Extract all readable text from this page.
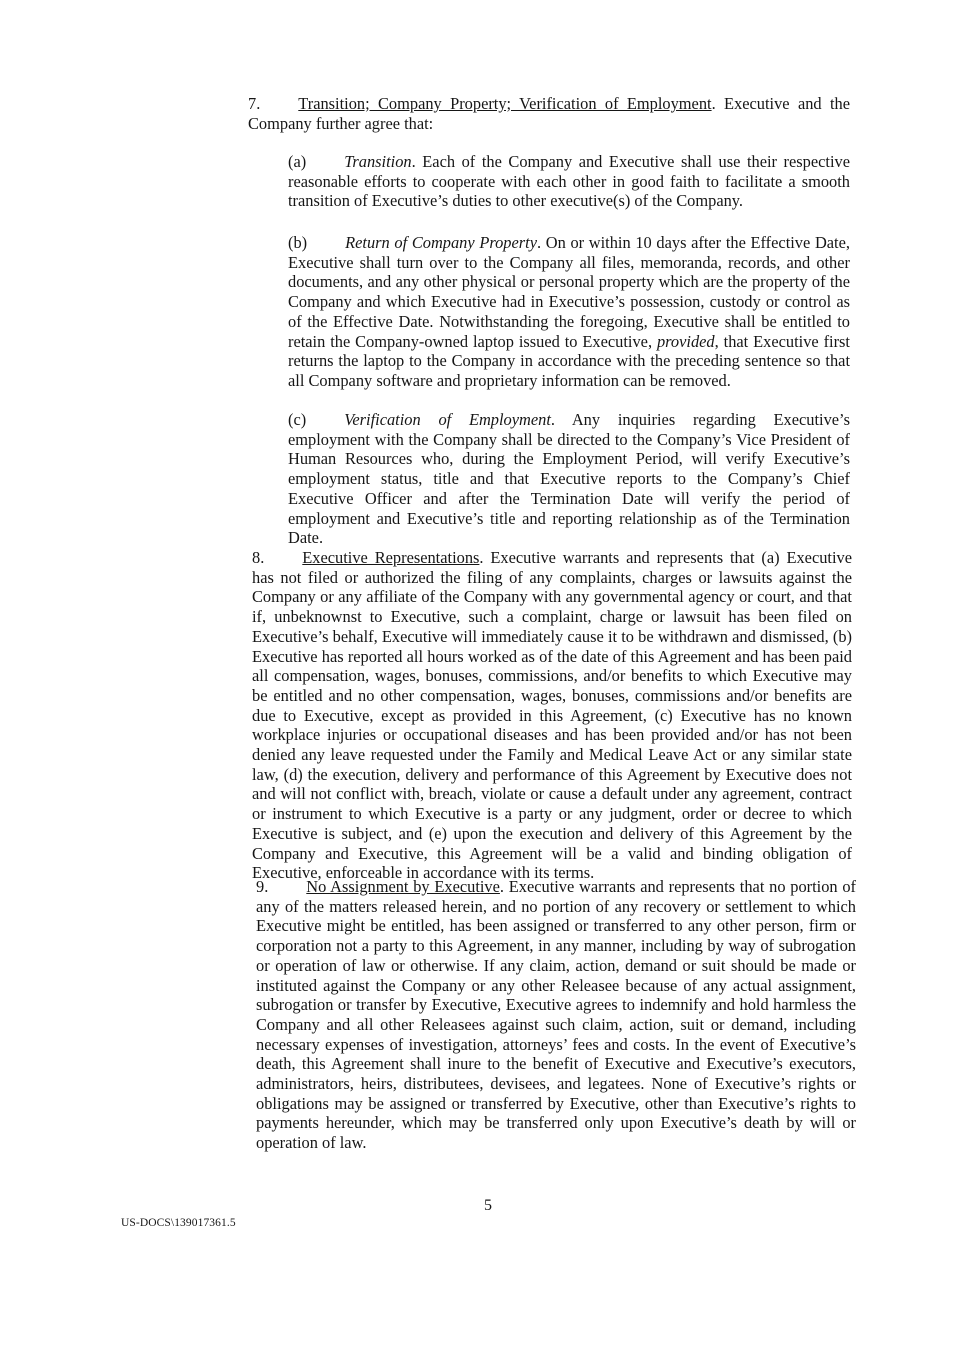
7. Transition; Company Property; Verification of Employment. Executive and the Company further agree that:
(a) Transition. Each of the Company and Executive shall use their respective reasonable efforts to cooperate with each other in good faith to facilitate a smooth transition of Executive’s duties to other executive(s) of the Company.
(b) Return of Company Property. On or within 10 days after the Effective Date, Executive shall turn over to the Company all files, memoranda, records, and other documents, and any other physical or personal property which are the property of the Company and which Executive had in Executive’s possession, custody or control as of the Effective Date. Notwithstanding the foregoing, Executive shall be entitled to retain the Company-owned laptop issued to Executive, provided, that Executive first returns the laptop to the Company in accordance with the preceding sentence so that all Company software and proprietary information can be removed.
(c) Verification of Employment. Any inquiries regarding Executive’s employment with the Company shall be directed to the Company’s Vice President of Human Resources who, during the Employment Period, will verify Executive’s employment status, title and that Executive reports to the Company’s Chief Executive Officer and after the Termination Date will verify the period of employment and Executive’s title and reporting relationship as of the Termination Date.
8. Executive Representations. Executive warrants and represents that (a) Executive has not filed or authorized the filing of any complaints, charges or lawsuits against the Company or any affiliate of the Company with any governmental agency or court, and that if, unbeknownst to Executive, such a complaint, charge or lawsuit has been filed on Executive’s behalf, Executive will immediately cause it to be withdrawn and dismissed, (b) Executive has reported all hours worked as of the date of this Agreement and has been paid all compensation, wages, bonuses, commissions, and/or benefits to which Executive may be entitled and no other compensation, wages, bonuses, commissions and/or benefits are due to Executive, except as provided in this Agreement, (c) Executive has no known workplace injuries or occupational diseases and has been provided and/or has not been denied any leave requested under the Family and Medical Leave Act or any similar state law, (d) the execution, delivery and performance of this Agreement by Executive does not and will not conflict with, breach, violate or cause a default under any agreement, contract or instrument to which Executive is a party or any judgment, order or decree to which Executive is subject, and (e) upon the execution and delivery of this Agreement by the Company and Executive, this Agreement will be a valid and binding obligation of Executive, enforceable in accordance with its terms.
9. No Assignment by Executive. Executive warrants and represents that no portion of any of the matters released herein, and no portion of any recovery or settlement to which Executive might be entitled, has been assigned or transferred to any other person, firm or corporation not a party to this Agreement, in any manner, including by way of subrogation or operation of law or otherwise. If any claim, action, demand or suit should be made or instituted against the Company or any other Releasee because of any actual assignment, subrogation or transfer by Executive, Executive agrees to indemnify and hold harmless the Company and all other Releasees against such claim, action, suit or demand, including necessary expenses of investigation, attorneys’ fees and costs. In the event of Executive’s death, this Agreement shall inure to the benefit of Executive and Executive’s executors, administrators, heirs, distributees, devisees, and legatees. None of Executive’s rights or obligations may be assigned or transferred by Executive, other than Executive’s rights to payments hereunder, which may be transferred only upon Executive’s death by will or operation of law.
5
US-DOCS\139017361.5
